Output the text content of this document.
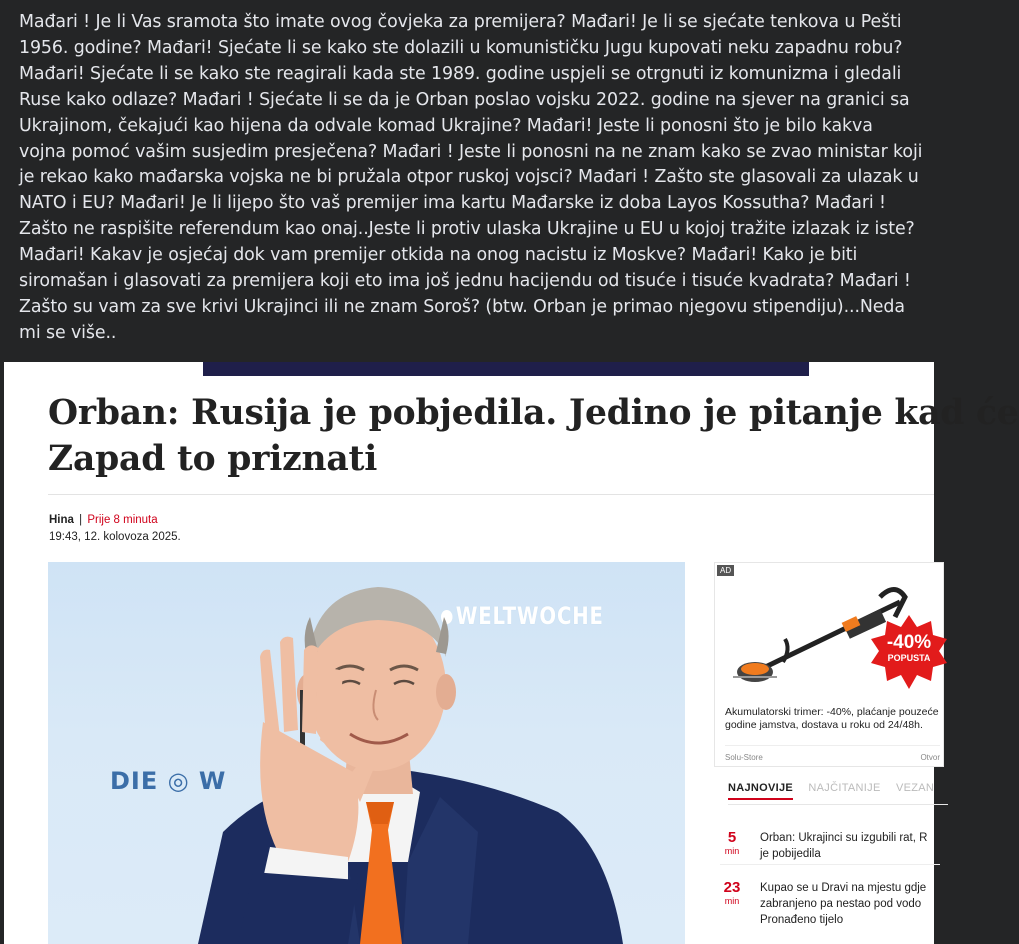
Mađari ! Je li Vas sramota što imate ovog čovjeka za premijera? Mađari! Je li se sjećate tenkova u Pešti 1956. godine? Mađari! Sjećate li se kako ste dolazili u komunističku Jugu kupovati neku zapadnu robu? Mađari! Sjećate li se kako ste reagirali kada ste 1989. godine uspjeli se otrgnuti iz komunizma i gledali Ruse kako odlaze? Mađari ! Sjećate li se da je Orban poslao vojsku 2022. godine na sjever na granici sa Ukrajinom, čekajući kao hijena da odvale komad Ukrajine? Mađari! Jeste li ponosni što je bilo kakva vojna pomoć vašim susjedim presječena? Mađari ! Jeste li ponosni na ne znam kako se zvao ministar koji je rekao kako mađarska vojska ne bi pružala otpor ruskoj vojsci? Mađari ! Zašto ste glasovali za ulazak u NATO i EU? Mađari! Je li lijepo što vaš premijer ima kartu Mađarske iz doba Layos Kossutha? Mađari ! Zašto ne raspišite referendum kao onaj..Jeste li protiv ulaska Ukrajine u EU u kojoj tražite izlazak iz iste? Mađari! Kakav je osjećaj dok vam premijer otkida na onog nacistu iz Moskve? Mađari! Kako je biti siromašan i glasovati za premijera koji eto ima još jednu hacijendu od tisuće i tisuće kvadrata? Mađari ! Zašto su vam za sve krivi Ukrajinci ili ne znam Soroš? (btw. Orban je primao njegovu stipendiju)...Neda mi se više..

Orban: Rusija je pobjedila. Jedino je pitanje kad će
Zapad to priznati
Hina | Prije 8 minuta
19:43, 12. kolovoza 2025.
WELTWOCHE
DIE ◎ W
AD
-40%
POPUSTA
Akumulatorski trimer: -40%, plaćanje pouzeće
godine jamstva, dostava u roku od 24/48h.
Solu-Store	Otvor
NAJNOVIJE NAJČITANIJE VEZAN
5
min
Orban: Ukrajinci su izgubili rat, R
je pobijedila
23
min
Kupao se u Dravi na mjestu gdje
zabranjeno pa nestao pod vodo
Pronađeno tijelo
